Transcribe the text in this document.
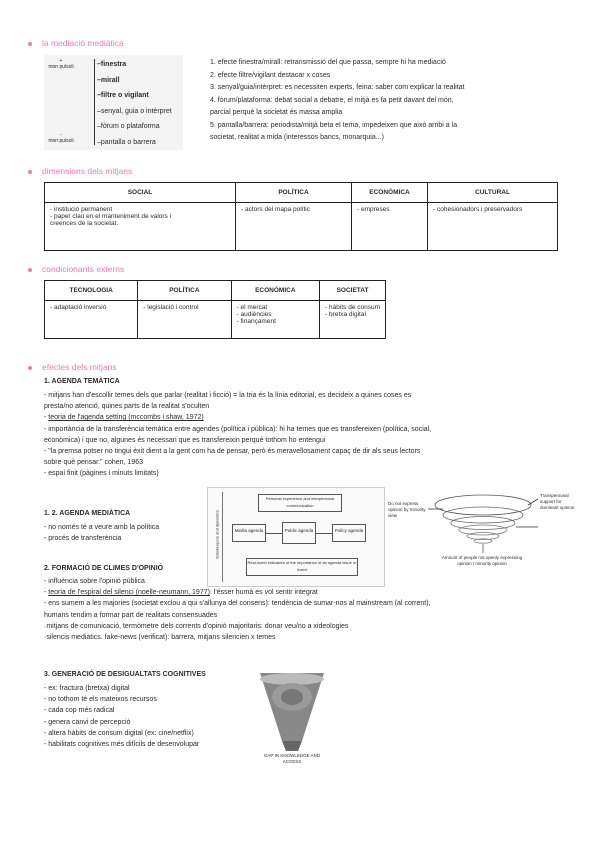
la mediació mediàtica
+
mon pulsoli
-
mon pulsoli
–finestra
–mirall
–filtre o vigilant
–senyal, guia o intèrpret
–fòrum o plataforma
–pantalla o barrera
1. efecte finestra/mirall: retransmissió del que passa, sempre hi ha mediació
2. efecte filtre/vigilant destacar x coses
3. senyal/guia/intèrpret: es necessiten experts, feina: saber com explicar la realitat
4. fòrum/plataforma: debat social a debatre, el mitjà es fa petit davant del món,
parcial perquè la societat és massa amplia
5. pantalla/barrera: periodista/mitjà beta el tema, impedeixen que això arribi a la
societat, realitat a mida (interessos bancs, monarquia...)
dimensions dels mitjans
SOCIAL	POLÍTICA	ECONÒMICA	CULTURAL

- institució permanent
- paper clau en el manteniment de valors i
creences de la societat.	- actors del mapa polític	- empreses	- cohesionadors i preservadors
condicionants externs
TECNOLOGIA	POLÍTICA	ECONÒMICA	SOCIETAT

- adaptació inversió	- legislació i control	- el mercat
- audiències
- finançament	- hàbits de consum
- bretxa digital
efectes dels mitjans
1. AGENDA TEMÀTICA
- mitjans han d'escollir temes dels que parlar (realitat i ficció) = la tria és la línia editorial, es decideix a quines coses es
presta/no atenció, quines parts de la realitat s'oculten
- teoria de l'agenda setting (mccombs i shaw, 1972)
- importància de la transferència temàtica entre agendes (política i pública): hi ha temes que es transfereixen (política, social,
econòmica) i que no, algunes és necessari que es transfereixin perquè tothom ho entengui
- "la premsa potser no tingui èxit dient a la gent com ha de pensar, però és meravellosament capaç de dir als seus lectors
sobre què pensar." cohen, 1963
- espai finit (pàgines i minuts limitats)
1. 2. AGENDA MEDIÀTICA
- no només té a veure amb la política
- procés de transferència
2. FORMACIÓ DE CLIMES D'OPINIÓ
- influència sobre l'opinió pública
- teoria de l'espiral del silenci (noelle-neumann, 1977): l'ésser humà es vol sentir integrat
- ens sumem a les majories (societat exclou a qui s'allunya del consens): tendència de sumar-nos al mainstream (al corrent),
humans tendim a formar part de realitats consensuades
·mitjans de comunicació, termòmetre dels corrents d'opinió majoritaris: donar veu/no a xideologies
·silencis mediàtics. fake-news (verificat): barrera, mitjans silencien x temes
3. GENERACIÓ DE DESIGUALTATS COGNITIVES
- ex: fractura (bretxa) digital
- no tothom té els mateixos recursos
- cada cop més radical
- genera canvi de percepció
- altera hàbits de consum digital (ex: cine/netflix)
- habilitats cognitives més difícils de desenvolupar
Gatekeepers and dynamics
Personal experience and interpersonal communication
Media agenda	Public agenda	Policy agenda
Real-world indicators of the importance of an agenda issue or event
Do not express opinion by minority view
Transpersonal support for dominant opinion
Amount of people not openly expressing opinion / minority opinion
GAP IN KNOWLEDGE AND ACCESS
